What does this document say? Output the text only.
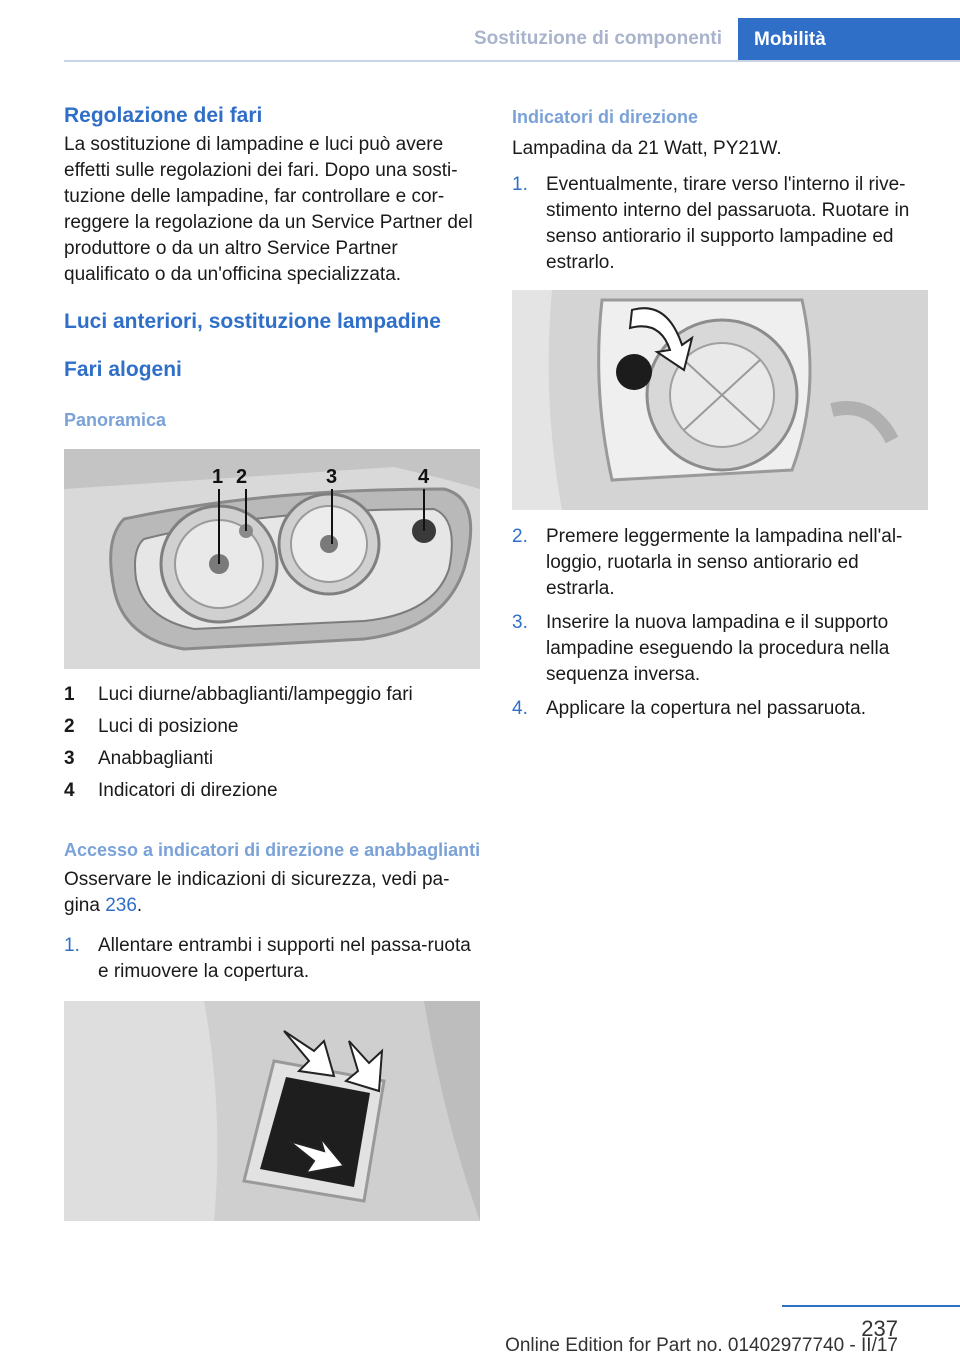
Sostituzione di componenti Mobilità
Regolazione dei fari

La sostituzione di lampadine e luci può avere effetti sulle regolazioni dei fari. Dopo una sosti‐tuzione delle lampadine, far controllare e cor‐reggere la regolazione da un Service Partner del produttore o da un altro Service Partner qualificato o da un'officina specializzata.

Luci anteriori, sostituzione lampadine
Fari alogeni
Panoramica
1 2	3	4
1	Luci diurne/abbaglianti/lampeggio fari
2	Luci di posizione
3	Anabbaglianti
4	Indicatori di direzione
Accesso a indicatori di direzione e anabbaglianti

Osservare le indicazioni di sicurezza, vedi pa‐gina 236.

1. Allentare entrambi i supporti nel passa‐ruota e rimuovere la copertura.
Indicatori di direzione

Lampadina da 21 Watt, PY21W.

1. Eventualmente, tirare verso l'interno il rive‐stimento interno del passaruota. Ruotare in senso antiorario il supporto lampadine ed estrarlo.
2. Premere leggermente la lampadina nell'al‐loggio, ruotarla in senso antiorario ed estrarla.
3. Inserire la nuova lampadina e il supporto lampadine eseguendo la procedura nella sequenza inversa.
4. Applicare la copertura nel passaruota.
237
Online Edition for Part no. 01402977740 - II/17
